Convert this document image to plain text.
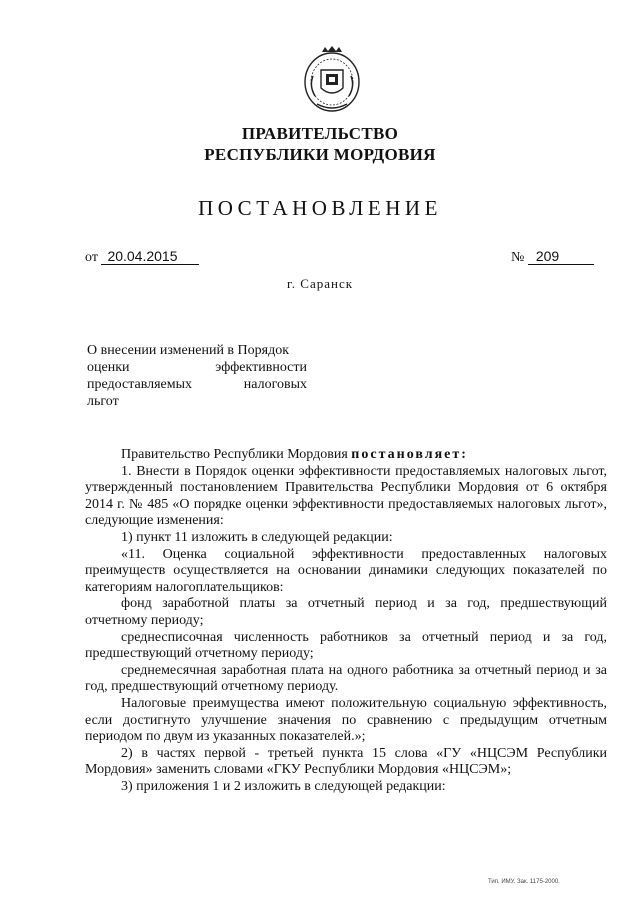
ПРАВИТЕЛЬСТВО
РЕСПУБЛИКИ МОРДОВИЯ
ПОСТАНОВЛЕНИЕ
от 20.04.2015	№ 209
г. Саранск
О внесении изменений в Порядок
оценки эффективности
предоставляемых налоговых
льгот

Правительство Республики Мордовия постановляет:

1. Внести в Порядок оценки эффективности предоставляемых налоговых льгот, утвержденный постановлением Правительства Республики Мордовия от 6 октября 2014 г. № 485 «О порядке оценки эффективности предоставляемых налоговых льгот», следующие изменения:

1) пункт 11 изложить в следующей редакции:

«11. Оценка социальной эффективности предоставленных налоговых преимуществ осуществляется на основании динамики следующих показателей по категориям налогоплательщиков:

фонд заработной платы за отчетный период и за год, предшествующий отчетному периоду;

среднесписочная численность работников за отчетный период и за год, предшествующий отчетному периоду;

среднемесячная заработная плата на одного работника за отчетный период и за год, предшествующий отчетному периоду.

Налоговые преимущества имеют положительную социальную эффективность, если достигнуто улучшение значения по сравнению с предыдущим отчетным периодом по двум из указанных показателей.»;

2) в частях первой - третьей пункта 15 слова «ГУ «НЦСЭМ Республики Мордовия» заменить словами «ГКУ Республики Мордовия «НЦСЭМ»;

3) приложения 1 и 2 изложить в следующей редакции:

Тип. ИМУ. Зак. 1175-2000.
